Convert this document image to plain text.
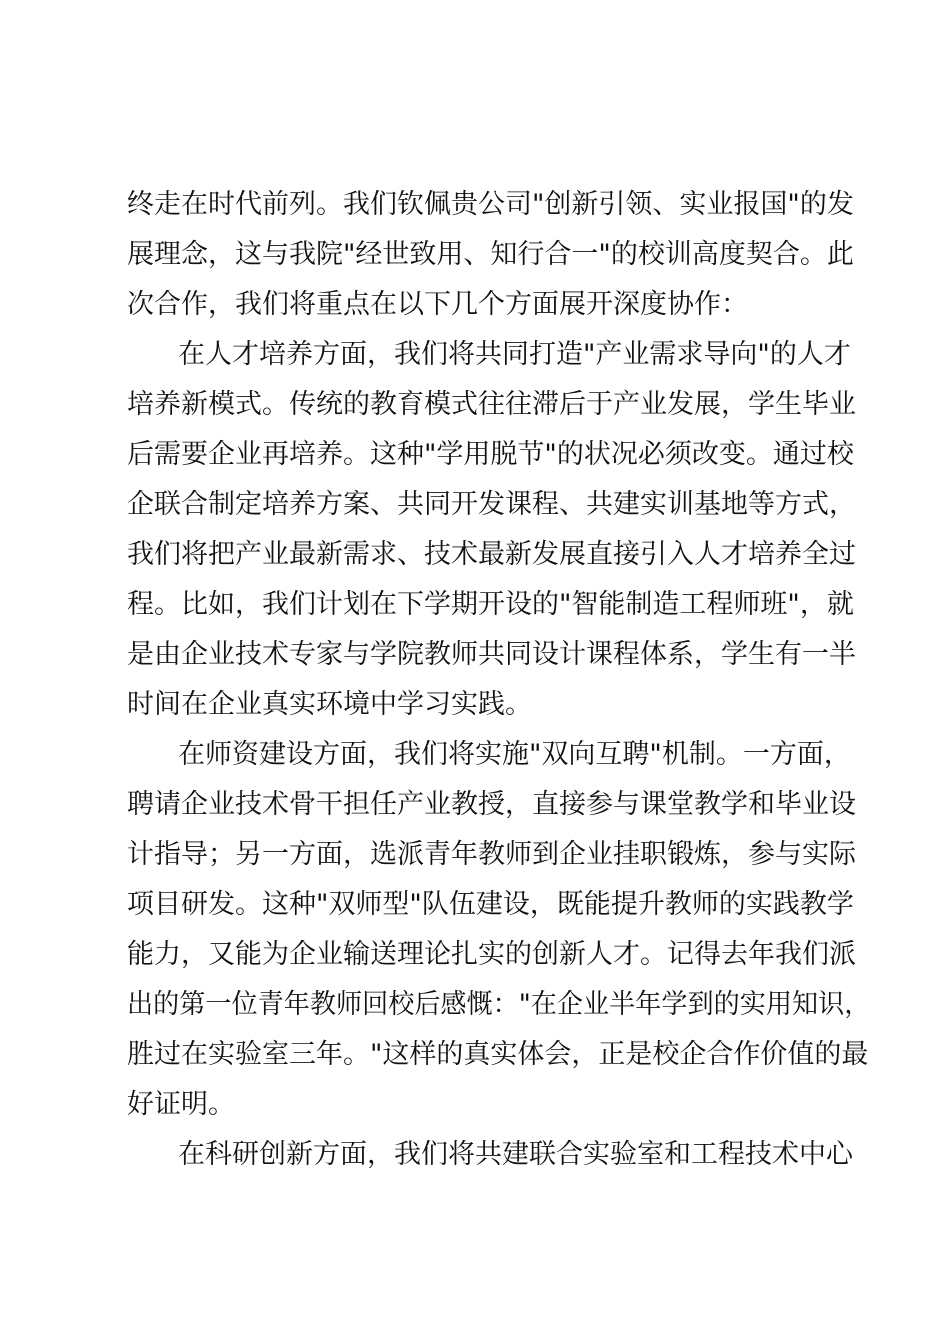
终走在时代前列。我们钦佩贵公司"创新引领、实业报国"的发

展理念，这与我院"经世致用、知行合一"的校训高度契合。此

次合作，我们将重点在以下几个方面展开深度协作：

在人才培养方面，我们将共同打造"产业需求导向"的人才

培养新模式。传统的教育模式往往滞后于产业发展，学生毕业

后需要企业再培养。这种"学用脱节"的状况必须改变。通过校

企联合制定培养方案、共同开发课程、共建实训基地等方式，

我们将把产业最新需求、技术最新发展直接引入人才培养全过

程。比如，我们计划在下学期开设的"智能制造工程师班"，就

是由企业技术专家与学院教师共同设计课程体系，学生有一半

时间在企业真实环境中学习实践。

在师资建设方面，我们将实施"双向互聘"机制。一方面，

聘请企业技术骨干担任产业教授，直接参与课堂教学和毕业设

计指导；另一方面，选派青年教师到企业挂职锻炼，参与实际

项目研发。这种"双师型"队伍建设，既能提升教师的实践教学

能力，又能为企业输送理论扎实的创新人才。记得去年我们派

出的第一位青年教师回校后感慨："在企业半年学到的实用知识，

胜过在实验室三年。"这样的真实体会，正是校企合作价值的最

好证明。

在科研创新方面，我们将共建联合实验室和工程技术中心
